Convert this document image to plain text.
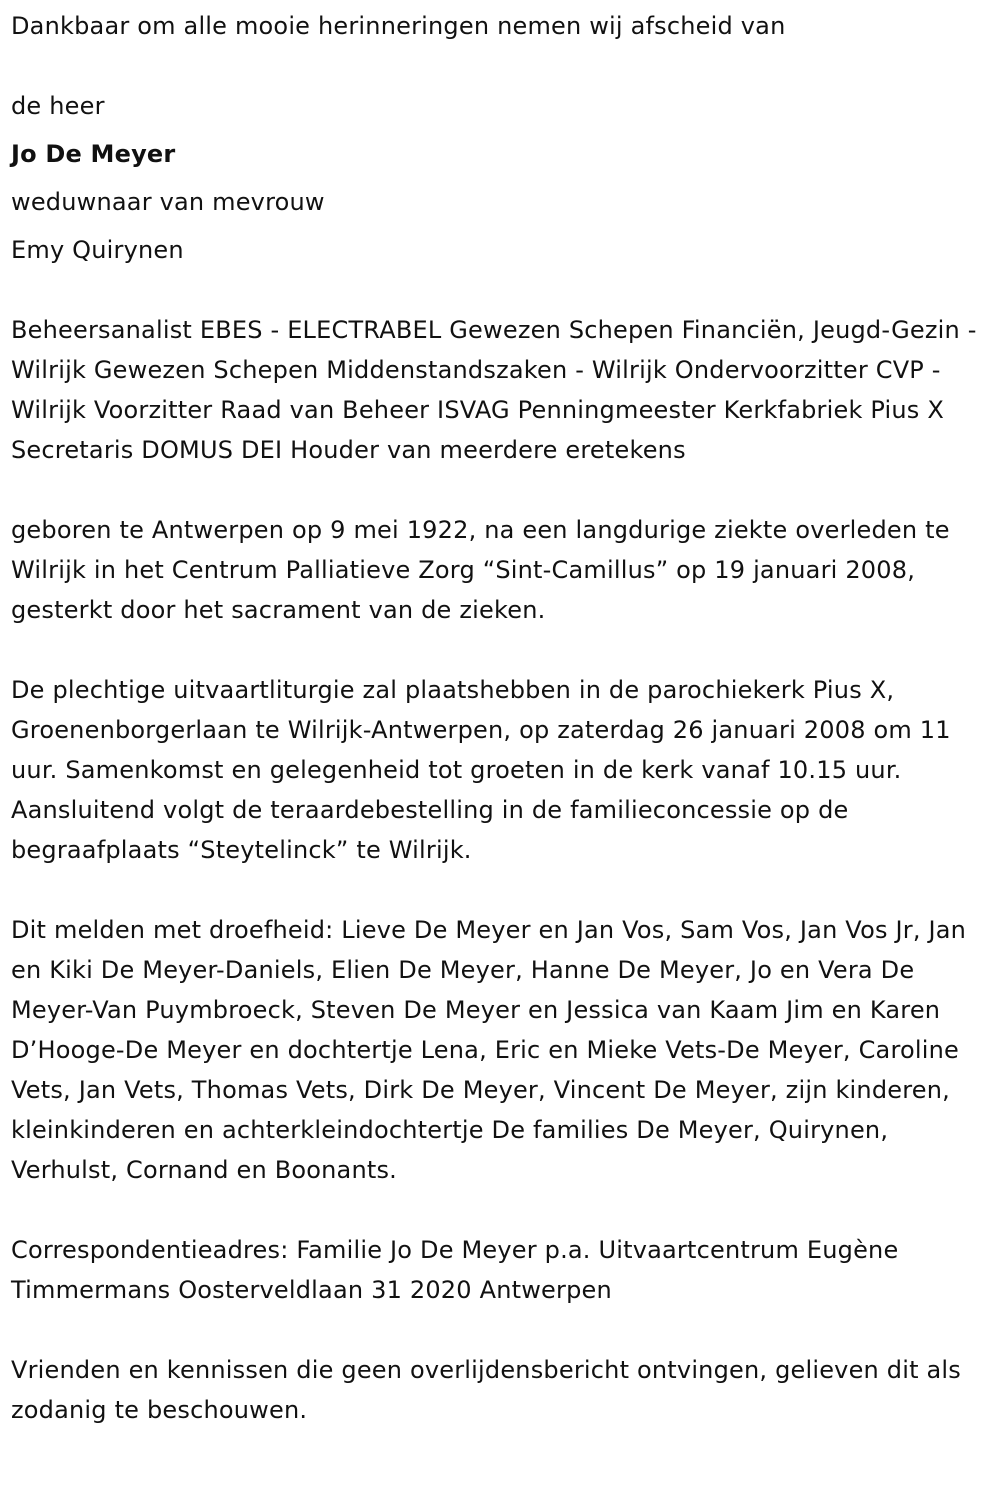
Dankbaar om alle mooie herinneringen nemen wij afscheid van

de heer

Jo De Meyer

weduwnaar van mevrouw

Emy Quirynen

Beheersanalist EBES - ELECTRABEL Gewezen Schepen Financiën, Jeugd-Gezin - Wilrijk Gewezen Schepen Middenstandszaken - Wilrijk Ondervoorzitter CVP - Wilrijk Voorzitter Raad van Beheer ISVAG Penningmeester Kerkfabriek Pius X Secretaris DOMUS DEI Houder van meerdere eretekens

geboren te Antwerpen op 9 mei 1922, na een langdurige ziekte overleden te Wilrijk in het Centrum Palliatieve Zorg “Sint-Camillus” op 19 januari 2008, gesterkt door het sacrament van de zieken.

De plechtige uitvaartliturgie zal plaatshebben in de parochiekerk Pius X, Groenenborgerlaan te Wilrijk-Antwerpen, op zaterdag 26 januari 2008 om 11 uur. Samenkomst en gelegenheid tot groeten in de kerk vanaf 10.15 uur. Aansluitend volgt de teraardebestelling in de familieconcessie op de begraafplaats “Steytelinck” te Wilrijk.

Dit melden met droefheid: Lieve De Meyer en Jan Vos, Sam Vos, Jan Vos Jr, Jan en Kiki De Meyer-Daniels, Elien De Meyer, Hanne De Meyer, Jo en Vera De Meyer-Van Puymbroeck, Steven De Meyer en Jessica van Kaam Jim en Karen D’Hooge-De Meyer en dochtertje Lena, Eric en Mieke Vets-De Meyer, Caroline Vets, Jan Vets, Thomas Vets, Dirk De Meyer, Vincent De Meyer, zijn kinderen, kleinkinderen en achterkleindochtertje De families De Meyer, Quirynen, Verhulst, Cornand en Boonants.

Correspondentieadres: Familie Jo De Meyer p.a. Uitvaartcentrum Eugène Timmermans Oosterveldlaan 31 2020 Antwerpen

Vrienden en kennissen die geen overlijdensbericht ontvingen, gelieven dit als zodanig te beschouwen.
